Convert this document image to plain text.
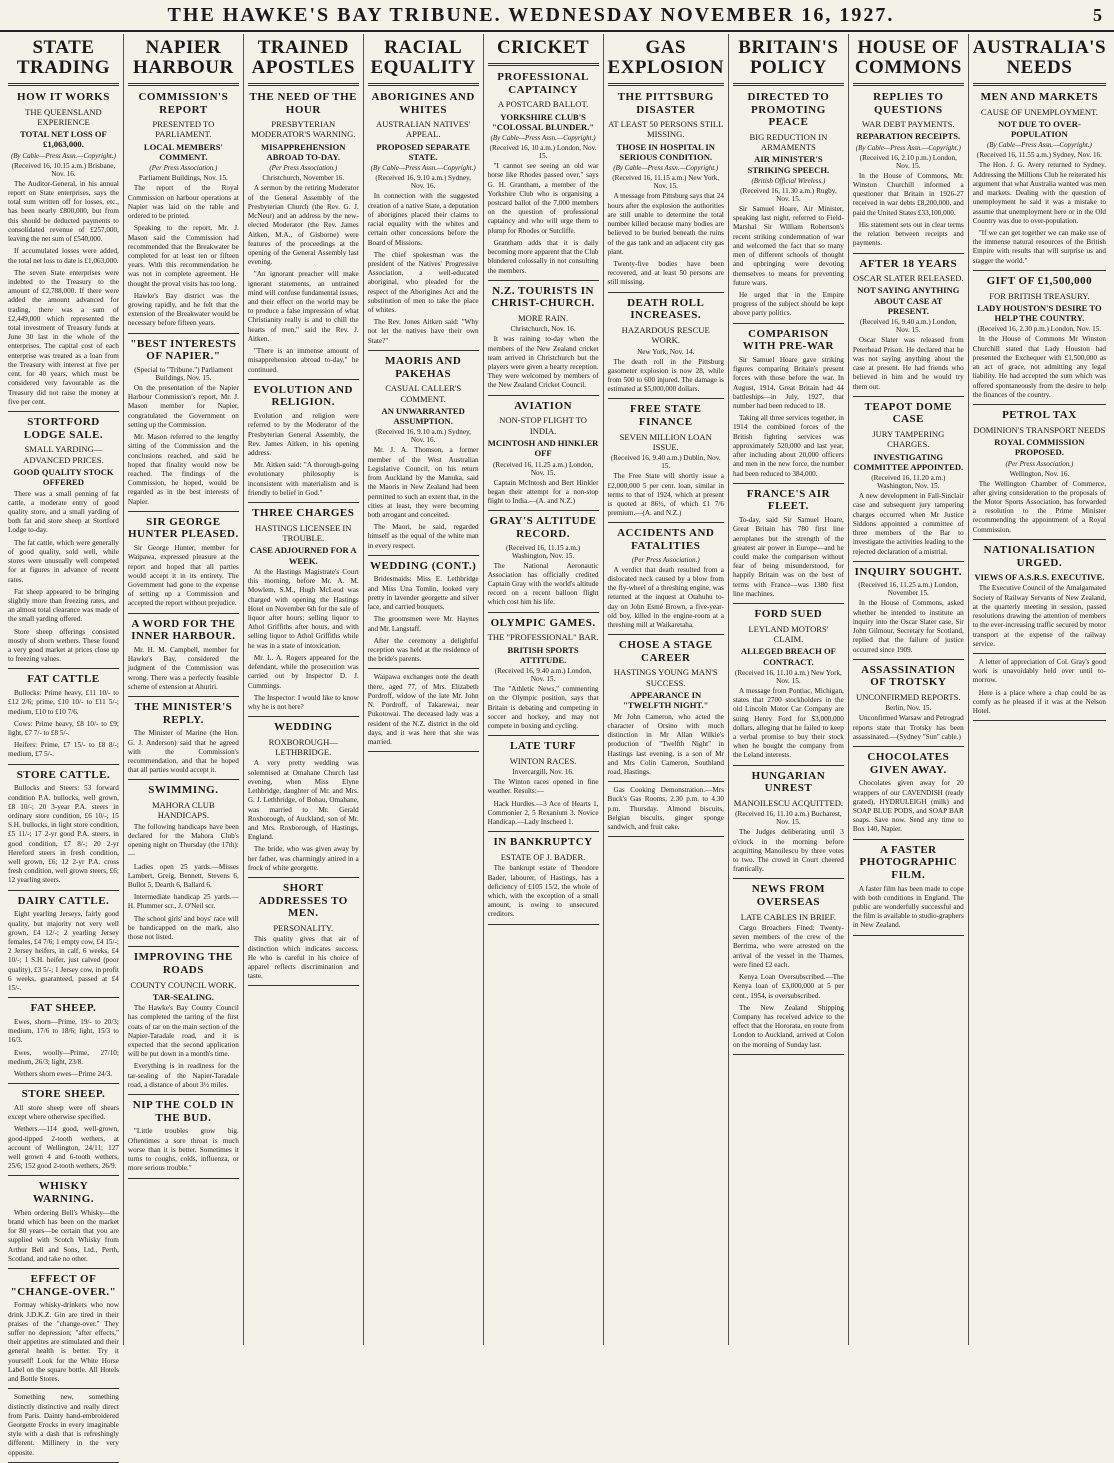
THE HAWKE'S BAY TRIBUNE. WEDNESDAY NOVEMBER 16, 1927.	5
STATE TRADING
HOW IT WORKS
THE QUEENSLAND EXPERIENCE
TOTAL NET LOSS OF £1,063,000.
(By Cable—Press Assn.—Copyright.)
(Received 16, 10.15 a.m.) Brisbane, Nov. 16.

The Auditor-General, in his annual report on State enterprises, says the total sum written off for losses, etc., has been nearly £800,000, but from this should be deducted payments to consolidated revenue of £257,000, leaving the net sum of £540,000.

If accumulated losses were added, the total net loss to date is £1,063,000.

The seven State enterprises were indebted to the Treasury to the amount of £2,788,000. If there were added the amount advanced for trading, there was a sum of £2,449,000 which represented the total investment of Treasury funds at June 30 last in the whole of the enterprises. The capital cost of each enterprise was treated as a loan from the Treasury with interest at five per cent. for 40 years, which must be considered very favourable as the Treasury did not raise the money at five per cent.

STORTFORD LODGE SALE.
SMALL YARDING—ADVANCED PRICES.
GOOD QUALITY STOCK OFFERED

There was a small penning of fat cattle, a moderate entry of good quality store, and a small yarding of both fat and store sheep at Stortford Lodge to-day.

The fat cattle, which were generally of good quality, sold well, while stores were unusually well competed for at figures in advance of recent rates.

Fat sheep appeared to be bringing slightly more than freezing rates, and an almost total clearance was made of the small yarding offered.

Store sheep offerings consisted mostly of shorn wethers. These found a very good market at prices close up to freezing values.

FAT CATTLE

Bullocks: Prime heavy, £11 10/- to £12 2/6; prime, £10 10/- to £11 5/-; medium, £10 to £10 7/6.

Cows: Prime heavy, £8 10/- to £9; light, £7 7/- to £8 5/-.

Heifers: Prime, £7 15/- to £8 8/-; medium, £7 5/-.

STORE CATTLE.

Bullocks and Steers: 53 forward condition P.A. bullocks, well grown, £8 10/-; 20 3-year P.A. steers in ordinary store condition, £6 10/-; 15 S.H. bullocks, in light store condition, £5 11/-; 17 2-yr good P.A. steers, in good condition, £7 8/-; 20 2-yr Hereford steers in fresh condition, well grown, £6; 12 2-yr P.A. cross fresh condition, well grown steers, £6; 12 yearling steers.

DAIRY CATTLE.

Eight yearling Jerseys, fairly good quality, but majority not very well grown, £4 12/-; 2 yearling Jersey females, £4 7/6; 1 empty cow, £4 15/-; 2 Jersey heifers, in calf, 6 weeks, £4 10/-; 1 S.H. heifer, just calved (poor quality), £3 5/-; 1 Jersey cow, in profit 6 weeks, guaranteed, passed at £4 15/-.

FAT SHEEP.

Ewes, shorn—Prime, 19/- to 20/3; medium, 17/6 to 18/6; light, 15/3 to 16/3.

Ewes, woolly—Prime, 27/10; medium, 26/3; light, 23/8.

Wethers shorn ewes—Prime 24/3.

STORE SHEEP.

All store sheep were off shears except where otherwise specified.

Wethers.—114 good, well-grown, good-tipped 2-tooth wethers, at account of Wellington, 24/11; 127 well grown 4 and 6-tooth wethers, 25/6; 152 good 2-tooth wethers, 26/9.

WHISKY WARNING.

When ordering Bell's Whisky—the brand which has been on the market for 80 years—be certain that you are supplied with Scotch Whisky from Arthur Bell and Sons, Ltd., Perth, Scotland, and take no other.

EFFECT OF "CHANGE-OVER."

Formay whisky-drinkers who now drink J.D.K.Z. Gin are tired in their praises of the "change-over." They suffer no depression; "after effects," their appetites are stimulated and their general health is better. Try it yourself! Look for the White Horse Label on the square bottle. All Hotels and Bottle Stores.

Something new, something distinctly distinctive and really direct from Paris. Dainty hand-embroidered Georgette Frocks in every imaginable style with a dash that is refreshingly different. Millinery in the very opposite.

NAPIER HARBOUR
COMMISSION'S REPORT
PRESENTED TO PARLIAMENT.
LOCAL MEMBERS' COMMENT.
(Per Press Association.)
Parliament Buildings, Nov. 15.

The report of the Royal Commission on harbour operations at Napier was laid on the table and ordered to be printed.

Speaking to the report, Mr. J. Mason said the Commission had recommended that the Breakwater be completed for at least ten or fifteen years. With this recommendation he was not in complete agreement. He thought the proval visits has too long.

Hawke's Bay district was the growing rapidly, and he felt that the extension of the Breakwater would be necessary before fifteen years.

"BEST INTERESTS OF NAPIER."
(Special to "Tribune.") Parliament Buildings, Nov. 15.

On the presentation of the Napier Harbour Commission's report, Mr. J. Mason member for Napier, congratulated the Government on setting up the Commission.

Mr. Mason referred to the lengthy sitting of the Commission and the conclusions reached, and said he hoped that finality would now be reached. The findings of the Commission, he hoped, would be regarded as in the best interests of Napier.

SIR GEORGE HUNTER PLEASED.

Sir George Hunter, member for Waipawa, expressed pleasure at the report and hoped that all parties would accept it in its entirety. The Government had gone to the expense of setting up a Commission and accepted the report without prejudice.

A WORD FOR THE INNER HARBOUR.

Mr. H. M. Campbell, member for Hawke's Bay, considered the judgment of the Commission was wrong. There was a perfectly feasible scheme of extension at Ahuriri.

THE MINISTER'S REPLY.

The Minister of Marine (the Hon. G. J. Anderson) said that he agreed with the Commission's recommendation, and that he hoped that all parties would accept it.

SWIMMING.
MAHORA CLUB HANDICAPS.

The following handicaps have been declared for the Mahora Club's opening night on Thursday (the 17th):—

Ladies open 25 yards.—Misses Lambert, Greig, Bennett, Stevens 6, Bullot 5, Dearth 6, Ballard 6.

Intermediate handicap 25 yards.—H. Plummer scr., J. O'Neil scr.

The school girls' and boys' race will be handicapped on the mark, also those not listed.

IMPROVING THE ROADS
COUNTY COUNCIL WORK.
TAR-SEALING.

The Hawke's Bay County Council has completed the tarring of the first coats of tar on the main section of the Napier-Taradale road, and it is expected that the second application will be put down in a month's time.

Everything is in readiness for the tar-sealing of the Napier-Taradale road, a distance of about 3½ miles.

NIP THE COLD IN THE BUD.

"Little troubles grow big. Oftentimes a sore throat is much worse than it is better. Sometimes it turns to coughs, colds, influenza, or more serious trouble."

TRAINED APOSTLES
THE NEED OF THE HOUR
PRESBYTERIAN MODERATOR'S WARNING.
MISAPPREHENSION ABROAD TO-DAY.
(Per Press Association.)
Christchurch, November 16.

A sermon by the retiring Moderator of the General Assembly of the Presbyterian Church (the Rev. G. J. McNeur) and an address by the new-elected Moderator (the Rev. James Aitken, M.A., of Gisborne) were features of the proceedings at the opening of the General Assembly last evening.

"An ignorant preacher will make ignorant statements, an untrained mind will confuse fundamental issues, and their effect on the world may be to produce a false impression of what Christianity really is and to chill the hearts of men," said the Rev. J. Aitken.

"There is an immense amount of misapprehension abroad to-day," he continued.

EVOLUTION AND RELIGION.

Evolution and religion were referred to by the Moderator of the Presbyterian General Assembly, the Rev. James Aitken, in his opening address.

Mr. Aitken said: "A thorough-going evolutionary philosophy is inconsistent with materialism and is friendly to belief in God."

THREE CHARGES
HASTINGS LICENSEE IN TROUBLE.
CASE ADJOURNED FOR A WEEK.

At the Hastings Magistrate's Court this morning, before Mr. A. M. Mowlem, S.M., Hugh McLeod was charged with opening the Hastings Hotel on November 6th for the sale of liquor after hours; selling liquor to Athol Griffiths after hours, and with selling liquor to Athol Griffiths while he was in a state of intoxication.

Mr. L. A. Rogers appeared for the defendant, while the prosecution was carried out by Inspector D. J. Cummings.

The Inspector: I would like to know why he is not here?

WEDDING
ROXBOROUGH—LETHBRIDGE.

A very pretty wedding was solemnised at Omahane Church last evening, when Miss Elyne Lethbridge, daughter of Mr. and Mrs. G. J. Lethbridge, of Bohau, Omahane, was married to Mr. Gerald Roxborough, of Auckland, son of Mr. and Mrs. Roxborough, of Hastings, England.

The bride, who was given away by her father, was charmingly attired in a frock of white georgette.

SHORT ADDRESSES TO MEN.
PERSONALITY.

This quality gives that air of distinction which indicates success. He who is careful in his choice of apparel reflects discrimination and taste.

RACIAL EQUALITY
ABORIGINES AND WHITES
AUSTRALIAN NATIVES' APPEAL.
PROPOSED SEPARATE STATE.
(By Cable—Press Assn.—Copyright.)
(Received 16, 9.10 a.m.) Sydney, Nov. 16.

In connection with the suggested creation of a native State, a deputation of aborigines placed their claims to racial equality with the whites and certain other concessions before the Board of Missions.

The chief spokesman was the president of the Natives' Progressive Association, a well-educated aboriginal, who pleaded for the respect of the Aborigines Act and the substitution of men to take the place of whites.

The Rev. Jones Aitken said: "Why not let the natives have their own State?"

MAORIS AND PAKEHAS
CASUAL CALLER'S COMMENT.
AN UNWARRANTED ASSUMPTION.
(Received 16, 9.10 a.m.) Sydney, Nov. 16.

Mr. J. A. Thomson, a former member of the West Australian Legislative Council, on his return from Auckland by the Manuka, said the Maoris in New Zealand had been permitted to such an extent that, in the cities at least, they were becoming both arrogant and conceited.

The Maori, he said, regarded himself as the equal of the white man in every respect.

WEDDING (CONT.)

Bridesmaids: Miss E. Lethbridge and Miss Una Tomlin, looked very pretty in lavender georgette and silver lace, and carried bouquets.

The groomsmen were Mr. Haynes and Mr. Langstaff.

After the ceremony a delightful reception was held at the residence of the bride's parents.

Waipawa exchanges note the death there, aged 77, of Mrs. Elizabeth Pordroff, widow of the late Mr. John N. Pordroff, of Takarewai, near Pukotowai. The deceased lady was a resident of the N.Z. district in the old days, and it was here that she was married.

CRICKET
PROFESSIONAL CAPTAINCY
A POSTCARD BALLOT.
YORKSHIRE CLUB'S "COLOSSAL BLUNDER."
(By Cable—Press Assn.—Copyright.)
(Received 16, 10 a.m.) London, Nov. 15.

"I cannot see seeing an old war horse like Rhodes passed over," says G. H. Grantham, a member of the Yorkshire Club who is organising a postcard ballot of the 7,000 members on the question of professional captaincy and who will urge them to plump for Rhodes or Sutcliffe.

Grantham adds that it is daily becoming more apparent that the Club blundered colossally in not consulting the members.

N.Z. TOURISTS IN CHRIST-CHURCH.
MORE RAIN.
Christchurch, Nov. 16.

It was raining to-day when the members of the New Zealand cricket team arrived in Christchurch but the players were given a hearty reception. They were welcomed by members of the New Zealand Cricket Council.

AVIATION
NON-STOP FLIGHT TO INDIA.
MCINTOSH AND HINKLER OFF
(Received 16, 11.25 a.m.) London, Nov. 15.

Captain McIntosh and Bert Hinkler began their attempt for a non-stop flight to India.—(A. and N.Z.)

GRAY'S ALTITUDE RECORD.
(Received 16, 11.15 a.m.) Washington, Nov. 15.

The National Aeronautic Association has officially credited Captain Gray with the world's altitude record on a recent balloon flight which cost him his life.

OLYMPIC GAMES.
THE "PROFESSIONAL" BAR.
BRITISH SPORTS ATTITUDE.
(Received 16, 9.40 a.m.) London, Nov. 15.

The "Athletic News," commenting on the Olympic position, says that Britain is debating and competing in soccer and hockey, and may not compete in boxing and cycling.

LATE TURF
WINTON RACES.
Invercargill, Nov. 16.

The Winton races opened in fine weather. Results:—

Hack Hurdles.—3 Ace of Hearts 1, Commonier 2, 5 Rexanium 3. Novice Handicap.—Lady Inscheed 1.

IN BANKRUPTCY
ESTATE OF J. BADER.

The bankrupt estate of Theodore Bader, labourer, of Hastings, has a deficiency of £105 15/2, the whole of which, with the exception of a small amount, is owing to unsecured creditors.

GAS EXPLOSION
THE PITTSBURG DISASTER
AT LEAST 50 PERSONS STILL MISSING.
THOSE IN HOSPITAL IN SERIOUS CONDITION.
(By Cable—Press Assn.—Copyright.)
(Received 16, 11.15 a.m.) New York, Nov. 15.

A message from Pittsburg says that 24 hours after the explosion the authorities are still unable to determine the total number killed because many bodies are believed to be buried beneath the ruins of the gas tank and an adjacent city gas plant.

Twenty-five bodies have been recovered, and at least 50 persons are still missing.

DEATH ROLL INCREASES.
HAZARDOUS RESCUE WORK.
New York, Nov. 14.

The death roll in the Pittsburg gasometer explosion is now 28, while from 500 to 600 injured. The damage is estimated at $5,000,000 dollars.

FREE STATE FINANCE
SEVEN MILLION LOAN ISSUE.
(Received 16, 9.40 a.m.) Dublin, Nov. 15.

The Free State will shortly issue a £2,000,000 5 per cent. loan, similar in terms to that of 1924, which at present is quoted at 86½, of which £1 7/6 premium.—(A. and N.Z.)

ACCIDENTS AND FATALITIES
(Per Press Association.)

A verdict that death resulted from a dislocated neck caused by a blow from the fly-wheel of a threshing engine, was returned at the inquest at Otahuhu to-day on John Esmé Brown, a five-year-old boy, killed in the engine-room at a threshing mill at Waikaretaha.

CHOSE A STAGE CAREER
HASTINGS YOUNG MAN'S SUCCESS.
APPEARANCE IN "TWELFTH NIGHT."

Mr John Cameron, who acted the character of Orsino with much distinction in Mr Allan Wilkie's production of "Twelfth Night" in Hastings last evening, is a son of Mr and Mrs Colin Cameron, Southland road, Hastings.

Gas Cooking Demonstration.—Mrs Buck's Gas Rooms, 2.30 p.m. to 4.30 p.m. Thursday. Almond biscuits, Belgian biscuits, ginger sponge sandwich, and fruit cake.

BRITAIN'S POLICY
DIRECTED TO PROMOTING PEACE
BIG REDUCTION IN ARMAMENTS
AIR MINISTER'S STRIKING SPEECH.
(British Official Wireless.)
(Received 16, 11.30 a.m.) Rugby, Nov. 15.

Sir Samuel Hoare, Air Minister, speaking last night, referred to Field-Marshal Sir William Robertson's recent striking condemnation of war and welcomed the fact that so many men of different schools of thought and upbringing were devoting themselves to means for preventing future wars.

He urged that in the Empire progress of the subject should be kept above party politics.

COMPARISON WITH PRE-WAR

Sir Samuel Hoare gave striking figures comparing Britain's present forces with those before the war. In August, 1914, Great Britain had 44 battleships—in July, 1927, that number had been reduced to 18.

Taking all three services together, in 1914 the combined forces of the British fighting services was approximately 520,000 and last year, after including about 20,000 officers and men in the new force, the number had been reduced to 384,000.

FRANCE'S AIR FLEET.

To-day, said Sir Samuel Hoare, Great Britain has 780 first line aeroplanes but the strength of the greatest air power in Europe—and he could make the comparison without fear of being misunderstood, for happily Britain was on the best of terms with France—was 1380 first line machines.

FORD SUED
LEYLAND MOTORS' CLAIM.
ALLEGED BREACH OF CONTRACT.
(Received 16, 11.10 a.m.) New York, Nov. 15.

A message from Pontiac, Michigan, states that 2700 stockholders in the old Lincoln Motor Car Company are suing Henry Ford for $3,000,000 dollars, alleging that he failed to keep a verbal promise to buy their stock when he bought the company from the Leland interests.

HUNGARIAN UNREST
MANOILESCU ACQUITTED.
(Received 16, 11.10 a.m.) Bucharest, Nov. 15.

The Judges deliberating until 3 o'clock in the morning before acquitting Manoilescu by three votes to two. The crowd in Court cheered frantically.

NEWS FROM OVERSEAS
LATE CABLES IN BRIEF.

Cargo Broachers Fined: Twenty-seven members of the crew of the Berrima, who were arrested on the arrival of the vessel in the Thames, were fined £2 each.

Kenya Loan Oversubscribed.—The Kenya loan of £3,000,000 at 5 per cent., 1954, is oversubscribed.

The New Zealand Shipping Company has received advice to the effect that the Hororata, en route from London to Auckland, arrived at Colon on the morning of Sunday last.

HOUSE OF COMMONS
REPLIES TO QUESTIONS
WAR DEBT PAYMENTS.
REPARATION RECEIPTS.
(By Cable—Press Assn.—Copyright.)
(Received 16, 2.10 p.m.) London, Nov. 15.

In the House of Commons, Mr. Winston Churchill informed a questioner that Britain in 1926-27 received in war debts £8,200,000, and paid the United States £33,100,000.

His statement sets out in clear terms the relation between receipts and payments.

AFTER 18 YEARS
OSCAR SLATER RELEASED.
NOT SAYING ANYTHING ABOUT CASE AT PRESENT.
(Received 16, 9.40 a.m.) London, Nov. 15.

Oscar Slater was released from Peterhead Prison. He declared that he was not saying anything about the case at present. He had friends who believed in him and he would try them out.

TEAPOT DOME CASE
JURY TAMPERING CHARGES.
INVESTIGATING COMMITTEE APPOINTED.
(Received 16, 11.20 a.m.) Washington, Nov. 15.

A new development in Fall-Sinclair case and subsequent jury tampering charges occurred when Mr Justice Siddons appointed a committee of three members of the Bar to investigate the activities leading to the rejected declaration of a mistrial.

INQUIRY SOUGHT.
(Received 16, 11.25 a.m.) London, November 15.

In the House of Commons, asked whether he intended to institute an inquiry into the Oscar Slater case, Sir John Gilmour, Secretary for Scotland, replied that the failure of justice occurred since 1909.

ASSASSINATION OF TROTSKY
UNCONFIRMED REPORTS.
Berlin, Nov. 15.

Unconfirmed Warsaw and Petrograd reports state that Trotsky has been assassinated.—(Sydney "Sun" cable.)

CHOCOLATES GIVEN AWAY.

Chocolates given away for 20 wrappers of our CAVENDISH (ready grated), HYDRULEIGH (milk) and SOAP BLUE PODS, and SOAP BAR soaps. Save now. Send any time to Box 140, Napier.

A FASTER PHOTOGRAPHIC FILM.

A faster film has been made to cope with both conditions in England. The public are wonderfully successful and the film is available to studio-graphers in New Zealand.

AUSTRALIA'S NEEDS
MEN AND MARKETS
CAUSE OF UNEMPLOYMENT.
NOT DUE TO OVER-POPULATION
(By Cable—Press Assn.—Copyright.)
(Received 16, 11.55 a.m.) Sydney, Nov. 16.

The Hon. J. G. Avery returned to Sydney. Addressing the Millions Club he reiterated his argument that what Australia wanted was men and markets. Dealing with the question of unemployment he said it was a mistake to assume that unemployment here or in the Old Country was due to over-population.

"If we can get together we can make use of the immense natural resources of the British Empire with results that will surprise us and stagger the world."

GIFT OF £1,500,000
FOR BRITISH TREASURY.
LADY HOUSTON'S DESIRE TO HELP THE COUNTRY.
(Received 16, 2.30 p.m.) London, Nov. 15.

In the House of Commons Mr Winston Churchill stated that Lady Houston had presented the Exchequer with £1,500,000 as an act of grace, not admitting any legal liability. He had accepted the sum which was offered spontaneously from the desire to help the finances of the country.

PETROL TAX
DOMINION'S TRANSPORT NEEDS
ROYAL COMMISSION PROPOSED.
(Per Press Association.)
Wellington, Nov. 16.

The Wellington Chamber of Commerce, after giving consideration to the proposals of the Motor Sports Association, has forwarded a resolution to the Prime Minister recommending the appointment of a Royal Commission.

NATIONALISATION URGED.
VIEWS OF A.S.R.S. EXECUTIVE.

The Executive Council of the Amalgamated Society of Railway Servants of New Zealand, at the quarterly meeting in session, passed resolutions drawing the attention of members to the ever-increasing traffic secured by motor transport at the expense of the railway service.

A letter of appreciation of Col. Gray's good work is unavoidably held over until to-morrow.

Here is a place where a chap could be as comfy as he pleased if it was at the Nelson Hotel.
